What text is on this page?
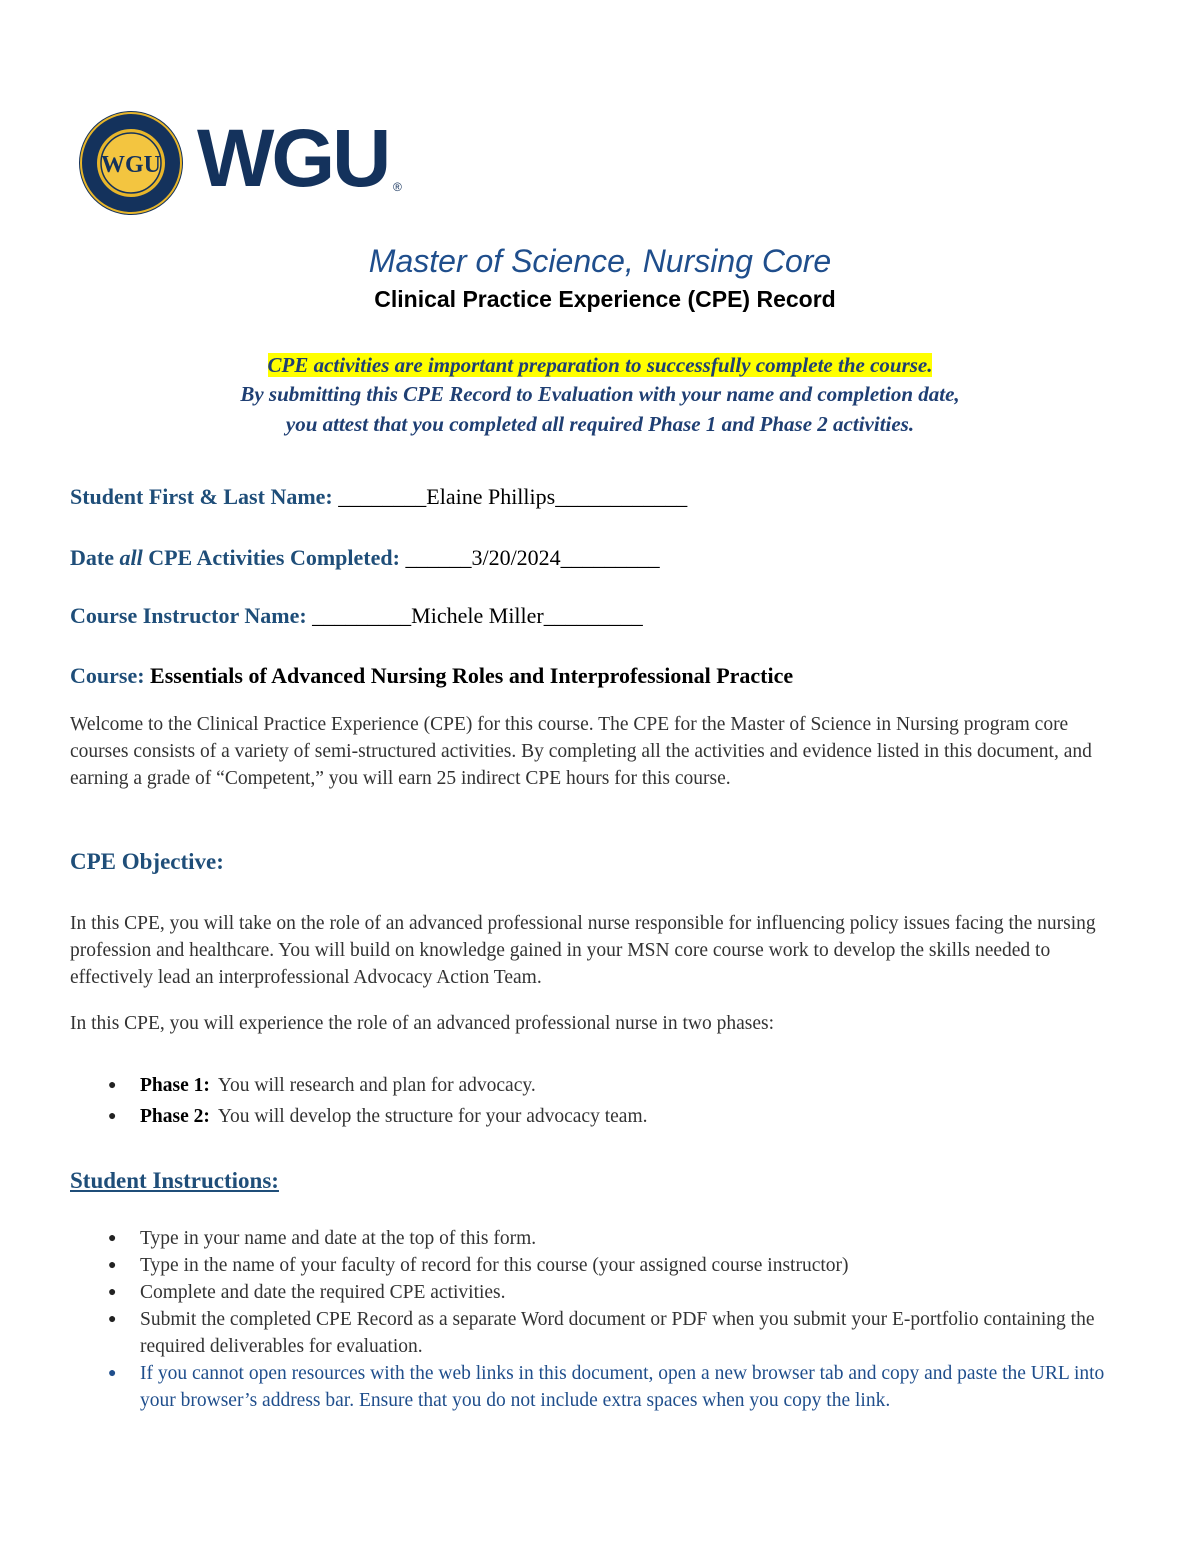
WGU WGU ®
Master of Science, Nursing Core
Clinical Practice Experience (CPE) Record
CPE activities are important preparation to successfully complete the course.
By submitting this CPE Record to Evaluation with your name and completion date,
you attest that you completed all required Phase 1 and Phase 2 activities.
Student First & Last Name: ________Elaine Phillips____________
Date all CPE Activities Completed: ______3/20/2024_________
Course Instructor Name: _________Michele Miller_________
Course: Essentials of Advanced Nursing Roles and Interprofessional Practice
Welcome to the Clinical Practice Experience (CPE) for this course. The CPE for the Master of Science in Nursing program core courses consists of a variety of semi-structured activities. By completing all the activities and evidence listed in this document, and earning a grade of “Competent,” you will earn 25 indirect CPE hours for this course.
CPE Objective:
In this CPE, you will take on the role of an advanced professional nurse responsible for influencing policy issues facing the nursing profession and healthcare. You will build on knowledge gained in your MSN core course work to develop the skills needed to effectively lead an interprofessional Advocacy Action Team.
In this CPE, you will experience the role of an advanced professional nurse in two phases:
● Phase 1: You will research and plan for advocacy.
● Phase 2: You will develop the structure for your advocacy team.
Student Instructions:
● Type in your name and date at the top of this form.
● Type in the name of your faculty of record for this course (your assigned course instructor)
● Complete and date the required CPE activities.
● Submit the completed CPE Record as a separate Word document or PDF when you submit your E-portfolio containing the required deliverables for evaluation.
● If you cannot open resources with the web links in this document, open a new browser tab and copy and paste the URL into your browser’s address bar. Ensure that you do not include extra spaces when you copy the link.
